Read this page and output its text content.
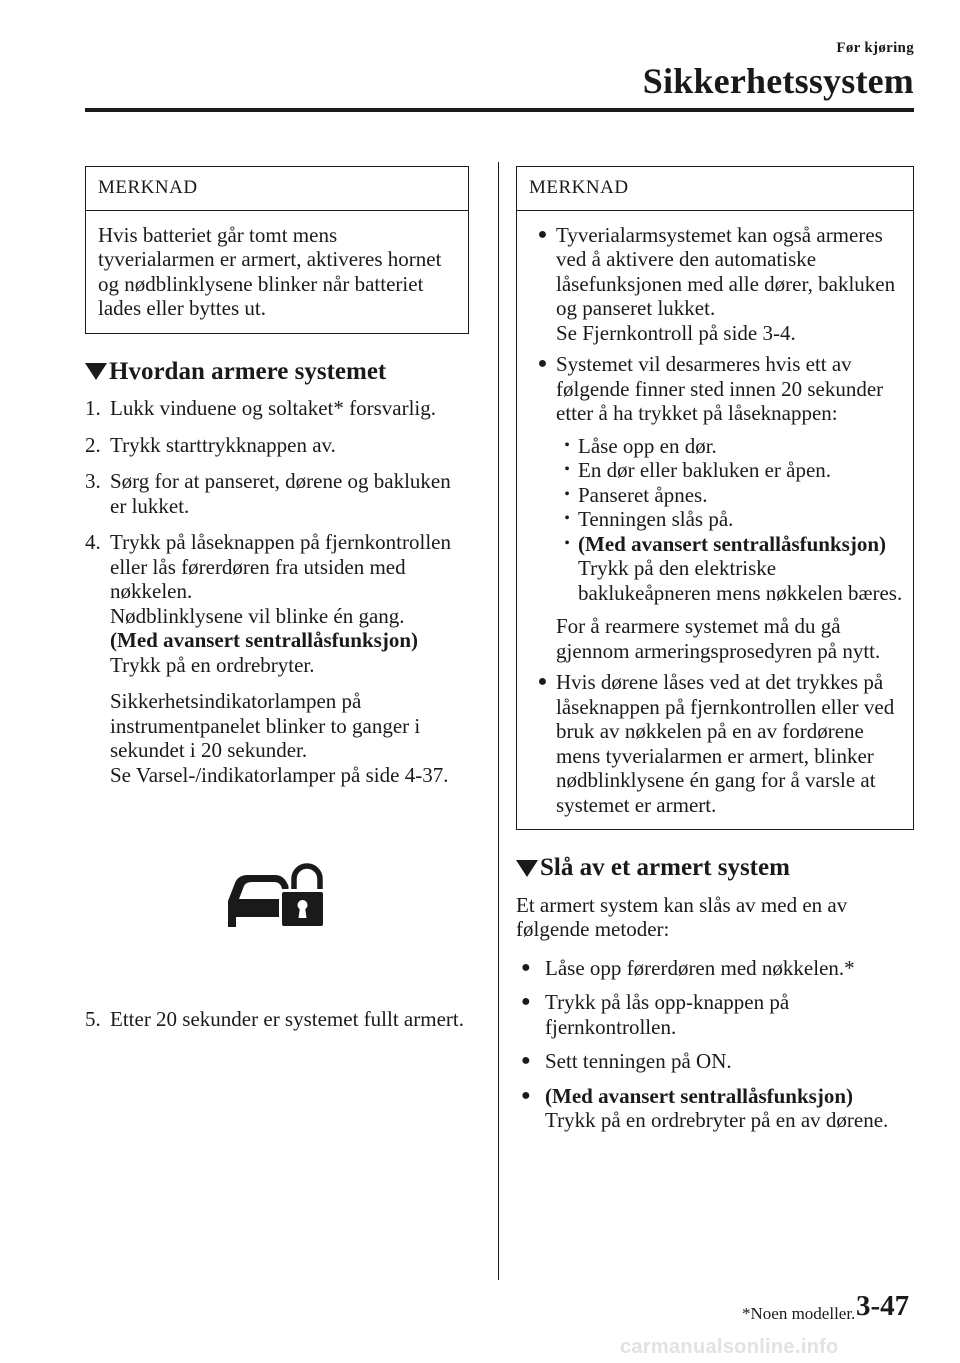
Før kjøring
Sikkerhetssystem
MERKNAD
Hvis batteriet går tomt mens tyverialarmen er armert, aktiveres hornet og nødblinklysene blinker når batteriet lades eller byttes ut.
Hvordan armere systemet
1. Lukk vinduene og soltaket* forsvarlig.
2. Trykk starttrykknappen av.
3. Sørg for at panseret, dørene og bakluken er lukket.
4. Trykk på låseknappen på fjernkontrollen eller lås førerdøren fra utsiden med nøkkelen.
Nødblinklysene vil blinke én gang.
(Med avansert sentrallåsfunksjon)
Trykk på en ordrebryter.
Sikkerhetsindikatorlampen på instrumentpanelet blinker to ganger i sekundet i 20 sekunder.
Se Varsel-/indikatorlamper på side 4-37.
5. Etter 20 sekunder er systemet fullt armert.
MERKNAD
● Tyverialarmsystemet kan også armeres ved å aktivere den automatiske låsefunksjonen med alle dører, bakluken og panseret lukket.
Se Fjernkontroll på side 3-4.
● Systemet vil desarmeres hvis ett av følgende finner sted innen 20 sekunder etter å ha trykket på låseknappen:
• Låse opp en dør.
• En dør eller bakluken er åpen.
• Panseret åpnes.
• Tenningen slås på.
• (Med avansert sentrallåsfunksjon)
Trykk på den elektriske baklukeåpneren mens nøkkelen bæres.
For å rearmere systemet må du gå gjennom armeringsprosedyren på nytt.
● Hvis dørene låses ved at det trykkes på låseknappen på fjernkontrollen eller ved bruk av nøkkelen på en av fordørene mens tyverialarmen er armert, blinker nødblinklysene én gang for å varsle at systemet er armert.
Slå av et armert system
Et armert system kan slås av med en av følgende metoder:
● Låse opp førerdøren med nøkkelen.*
● Trykk på lås opp-knappen på fjernkontrollen.
● Sett tenningen på ON.
● (Med avansert sentrallåsfunksjon)
Trykk på en ordrebryter på en av dørene.
*Noen modeller. 3-47
carmanualsonline.info
